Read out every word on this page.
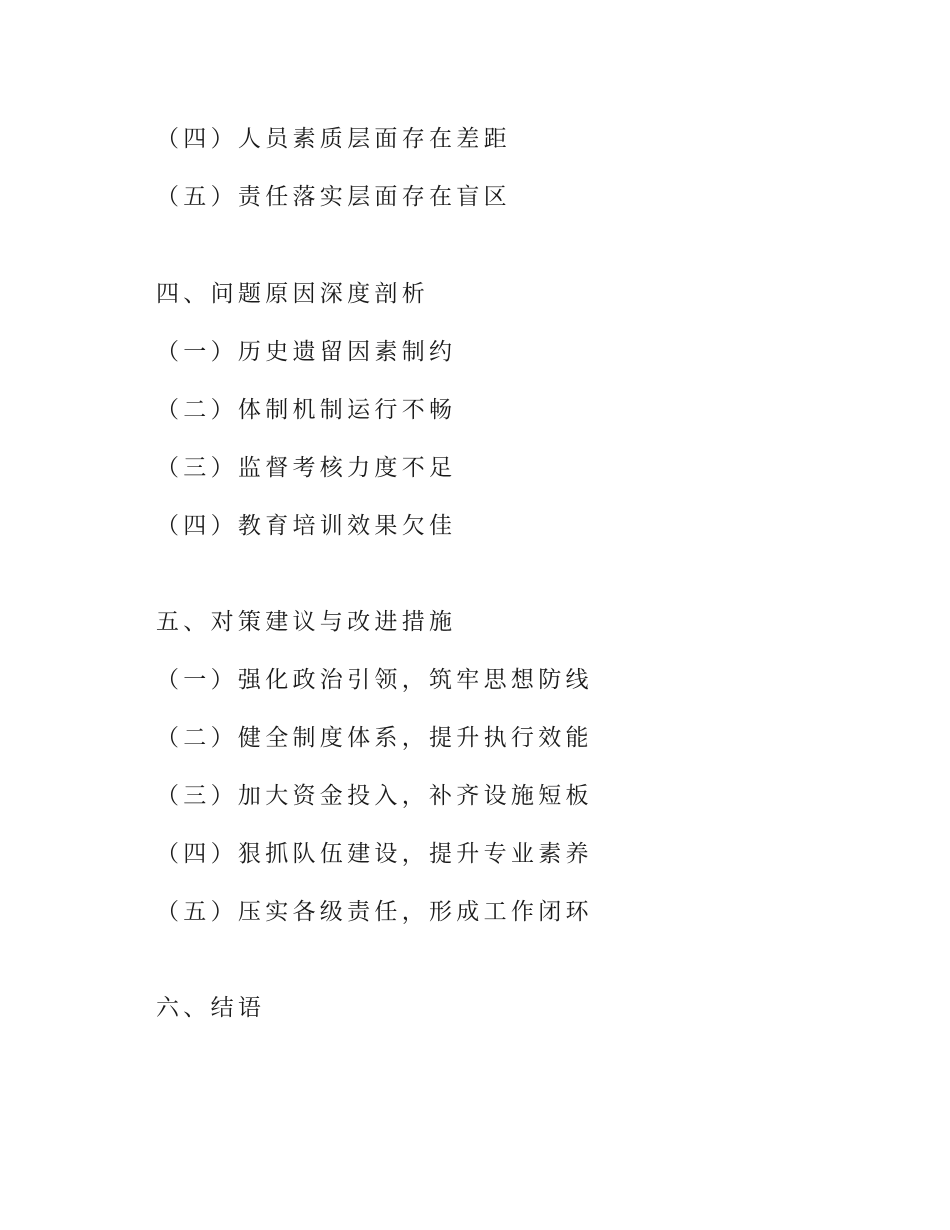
（四）人员素质层面存在差距
（五）责任落实层面存在盲区
四、问题原因深度剖析
（一）历史遗留因素制约
（二）体制机制运行不畅
（三）监督考核力度不足
（四）教育培训效果欠佳
五、对策建议与改进措施
（一）强化政治引领，筑牢思想防线
（二）健全制度体系，提升执行效能
（三）加大资金投入，补齐设施短板
（四）狠抓队伍建设，提升专业素养
（五）压实各级责任，形成工作闭环
六、结语
